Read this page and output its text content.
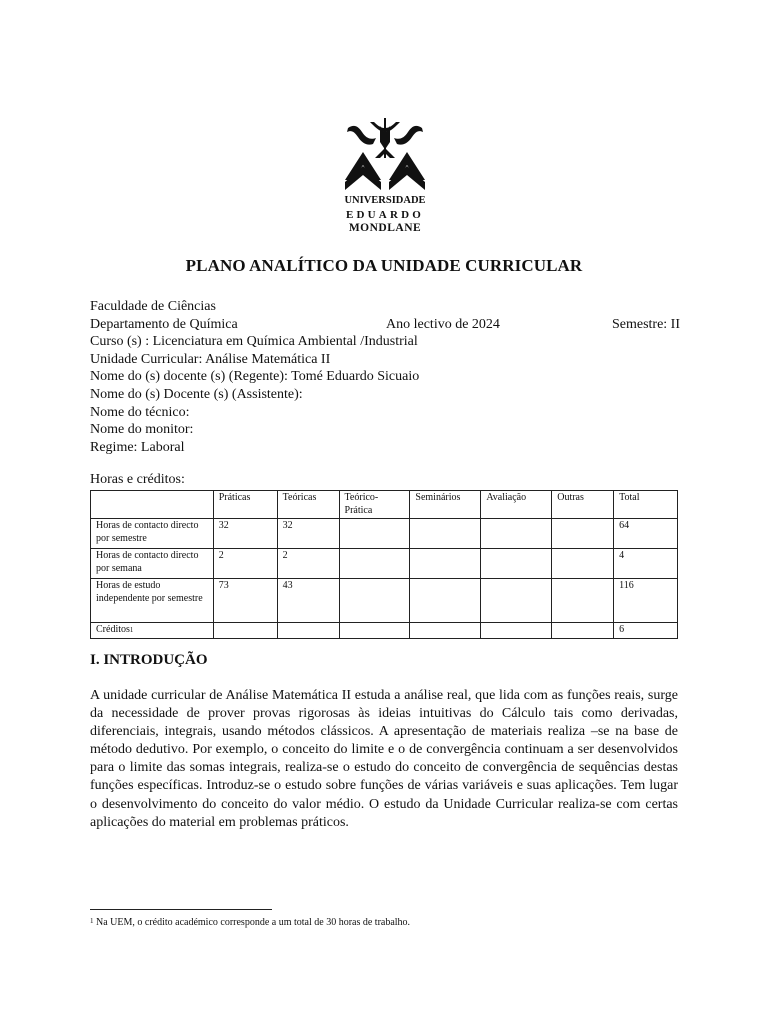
UNIVERSIDADE
EDUARDO
MONDLANE
PLANO ANALÍTICO DA UNIDADE CURRICULAR
Faculdade de Ciências
Departamento de Química	Ano lectivo de 2024	Semestre: II
Curso (s) : Licenciatura em Química Ambiental /Industrial
Unidade Curricular: Análise Matemática II
Nome do (s) docente (s) (Regente): Tomé Eduardo Sicuaio
Nome do (s) Docente (s) (Assistente):
Nome do técnico:
Nome do monitor:
Regime: Laboral
Horas e créditos:
	Práticas	Teóricas	Teórico-Prática	Seminários	Avaliação	Outras	Total
Horas de contacto directo por semestre	32	32					64
Horas de contacto directo por semana	2	2					4
Horas de estudo independente por semestre	73	43					116
Créditos$^1$							6
I. INTRODUÇÃO
A unidade curricular de Análise Matemática II estuda a análise real, que lida com as funções reais, surge da necessidade de prover provas rigorosas às ideias intuitivas do Cálculo tais como derivadas, diferenciais, integrais, usando métodos clássicos. A apresentação de materiais realiza –se na base de método dedutivo. Por exemplo, o conceito do limite e o de convergência continuam a ser desenvolvidos para o limite das somas integrais, realiza-se o estudo do conceito de convergência de sequências destas funções específicas. Introduz-se o estudo sobre funções de várias variáveis e suas aplicações. Tem lugar o desenvolvimento do conceito do valor médio. O estudo da Unidade Curricular realiza-se com certas aplicações do material em problemas práticos.
$^1$ Na UEM, o crédito académico corresponde a um total de 30 horas de trabalho.
